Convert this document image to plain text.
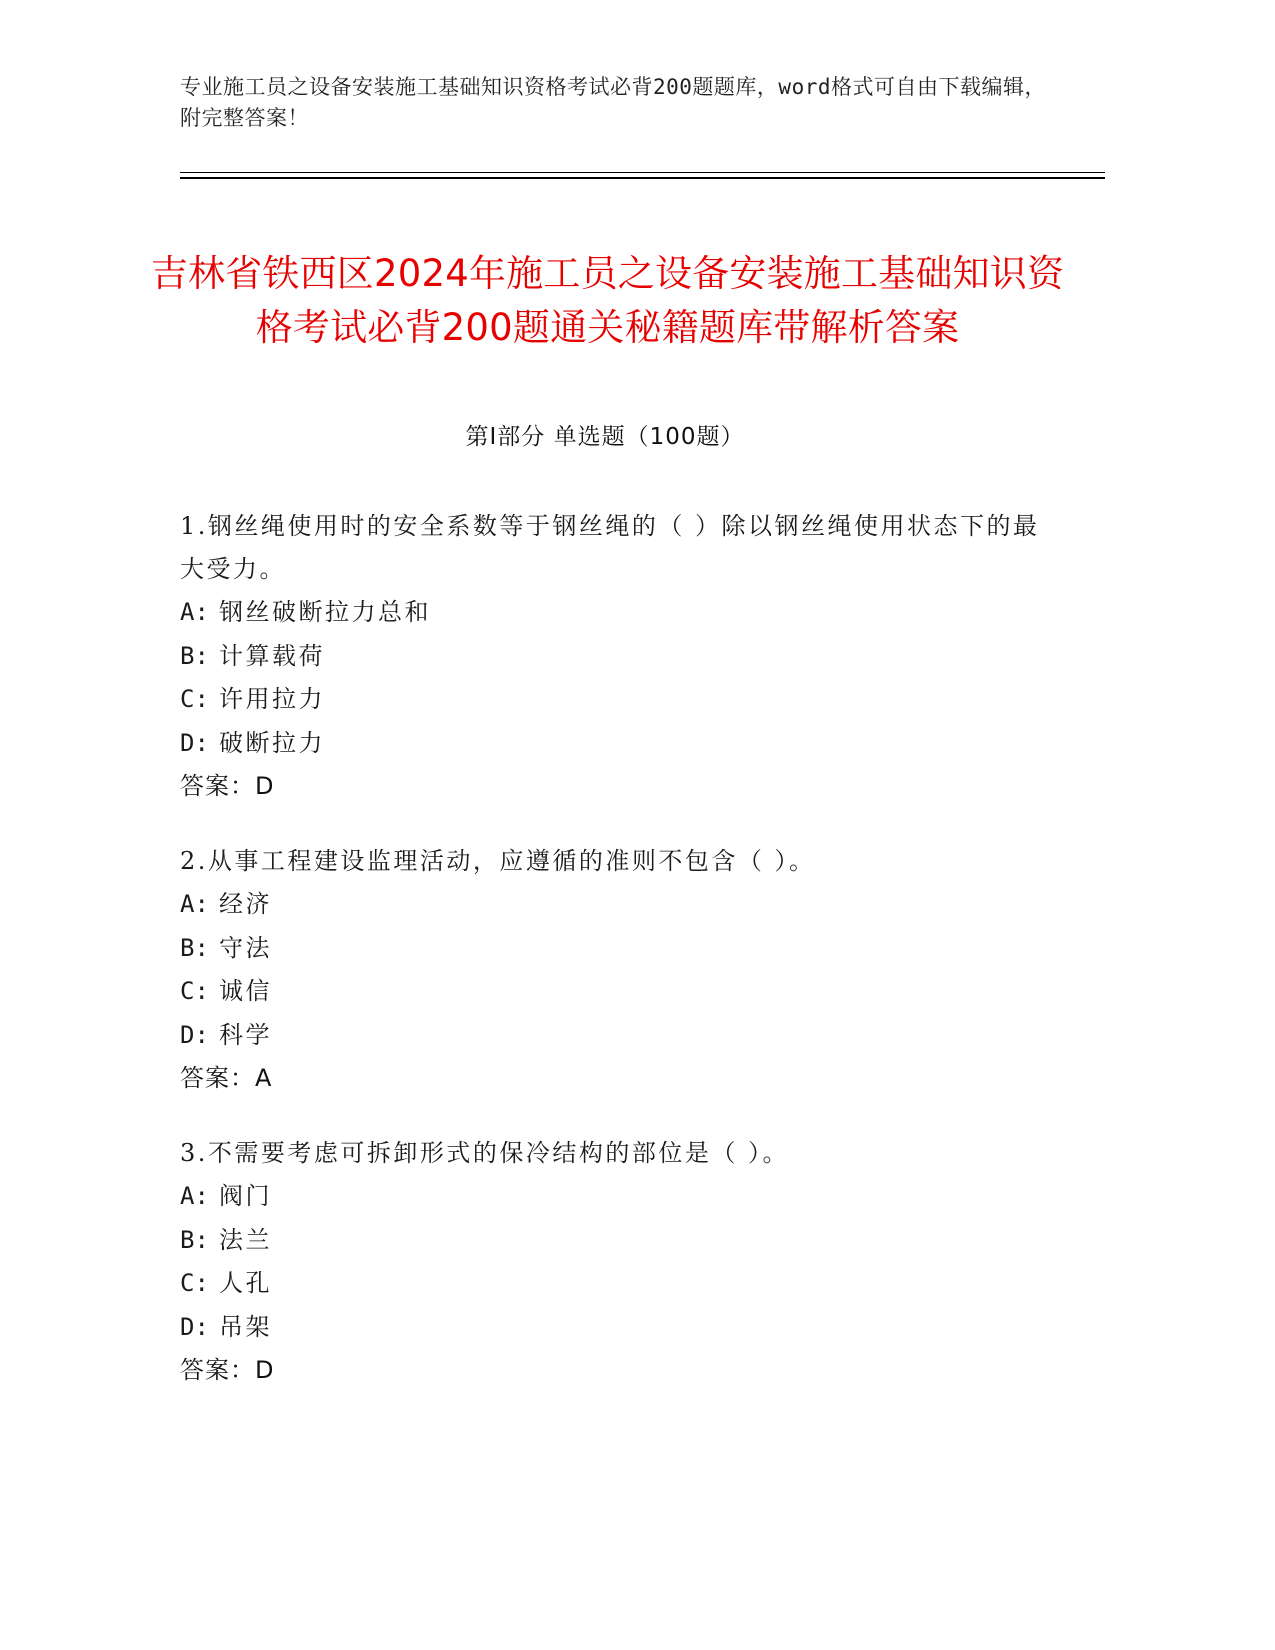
专业施工员之设备安装施工基础知识资格考试必背200题题库，word格式可自由下载编辑，附完整答案！
吉林省铁西区2024年施工员之设备安装施工基础知识资格考试必背200题通关秘籍题库带解析答案
第I部分 单选题（100题）
1.钢丝绳使用时的安全系数等于钢丝绳的（ ）除以钢丝绳使用状态下的最大受力。
A: 钢丝破断拉力总和
B: 计算载荷
C: 许用拉力
D: 破断拉力
答案：D
2.从事工程建设监理活动，应遵循的准则不包含（ ）。
A: 经济
B: 守法
C: 诚信
D: 科学
答案：A
3.不需要考虑可拆卸形式的保冷结构的部位是（ ）。
A: 阀门
B: 法兰
C: 人孔
D: 吊架
答案：D
